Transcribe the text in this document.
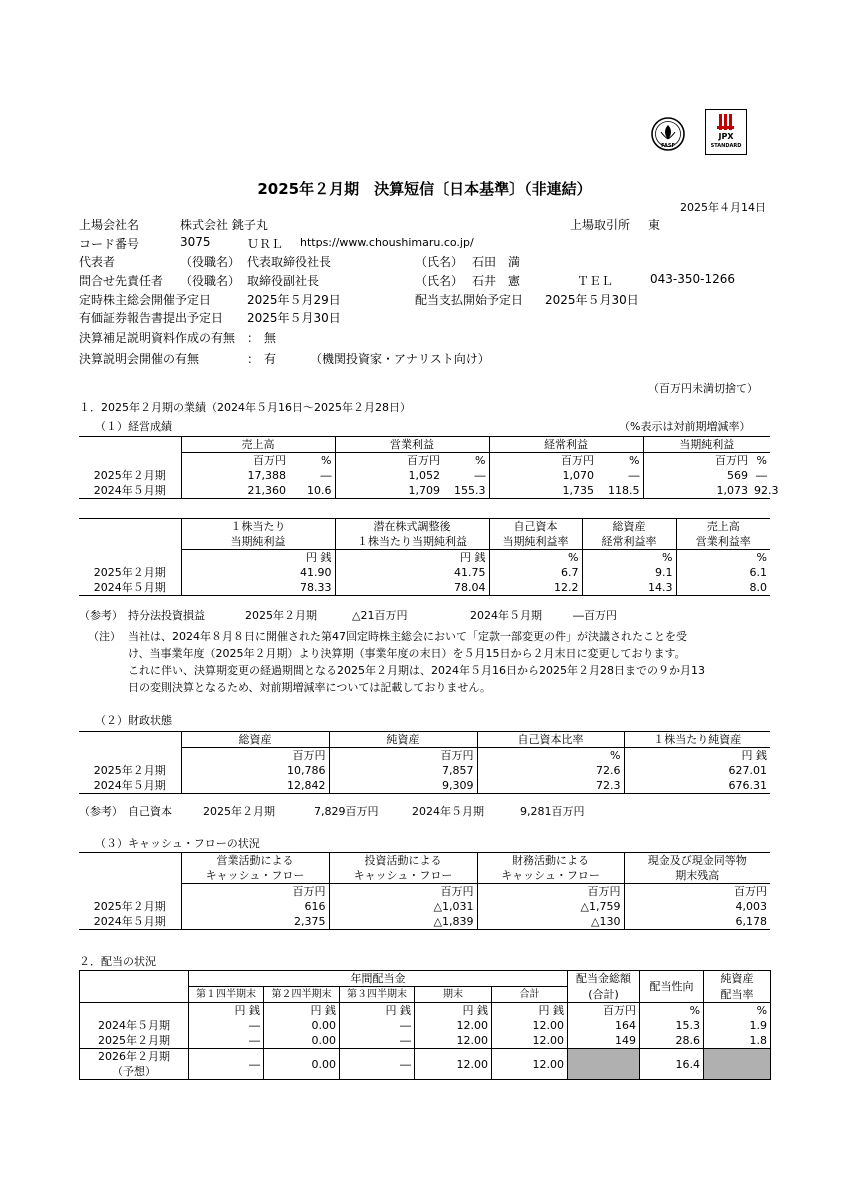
FASF
JPX
STANDARD
2025年２月期　決算短信〔日本基準〕（非連結）
2025年４月14日
上場会社名	株式会社 銚子丸	上場取引所 東
コード番号	3075	ＵＲＬ https://www.choushimaru.co.jp/
代表者	（役職名） 代表取締役社長	（氏名） 石田　満
問合せ先責任者 （役職名） 取締役副社長	（氏名） 石井　憲	ＴＥＬ	043-350-1266
定時株主総会開催予定日	2025年５月29日	配当支払開始予定日 2025年５月30日
有価証券報告書提出予定日 2025年５月30日
決算補足説明資料作成の有無 ： 無
決算説明会開催の有無	： 有	（機関投資家・アナリスト向け）
（百万円未満切捨て）
１．2025年２月期の業績（2024年５月16日～2025年２月28日）
（１）経営成績	（%表示は対前期増減率）
	売上高		営業利益		経常利益		当期純利益	
	百万円	%	百万円	%	百万円	%	百万円	%
2025年２月期	17,388	―	1,052	―	1,070	―	569	―
2024年５月期	21,360	10.6	1,709	155.3	1,735	118.5	1,073	92.3
	１株当たり	潜在株式調整後	自己資本	総資産	売上高
	当期純利益	１株当たり当期純利益	当期純利益率	経常利益率	営業利益率
	円 銭	円 銭	%	%	%
2025年２月期	41.90	41.75	6.7	9.1	6.1
2024年５月期	78.33	78.04	12.2	14.3	8.0
（参考） 持分法投資損益	2025年２月期	△21百万円	2024年５月期	―百万円
（注） 当社は、2024年８月８日に開催された第47回定時株主総会において「定款一部変更の件」が決議されたことを受
け、当事業年度（2025年２月期）より決算期（事業年度の末日）を５月15日から２月末日に変更しております。
これに伴い、決算期変更の経過期間となる2025年２月期は、2024年５月16日から2025年２月28日までの９か月13
日の変則決算となるため、対前期増減率については記載しておりません。
（２）財政状態
	総資産	純資産	自己資本比率	１株当たり純資産
	百万円	百万円	%	円 銭
2025年２月期	10,786	7,857	72.6	627.01
2024年５月期	12,842	9,309	72.3	676.31
（参考） 自己資本	2025年２月期	7,829百万円	2024年５月期	9,281百万円
（３）キャッシュ・フローの状況
	営業活動による	投資活動による	財務活動による	現金及び現金同等物
	キャッシュ・フロー	キャッシュ・フロー	キャッシュ・フロー	期末残高
	百万円	百万円	百万円	百万円
2025年２月期	616	△1,031	△1,759	4,003
2024年５月期	2,375	△1,839	△130	6,178
２．配当の状況
	年間配当金					配当金総額	配当性向	純資産
	第１四半期末	第２四半期末	第３四半期末	期末	合計	(合計)		配当率
	円 銭	円 銭	円 銭	円 銭	円 銭	百万円	%	%
2024年５月期	―	0.00	―	12.00	12.00	164	15.3	1.9
2025年２月期	―	0.00	―	12.00	12.00	149	28.6	1.8
2026年２月期	―	0.00	―	12.00	12.00		16.4	
（予想）								
